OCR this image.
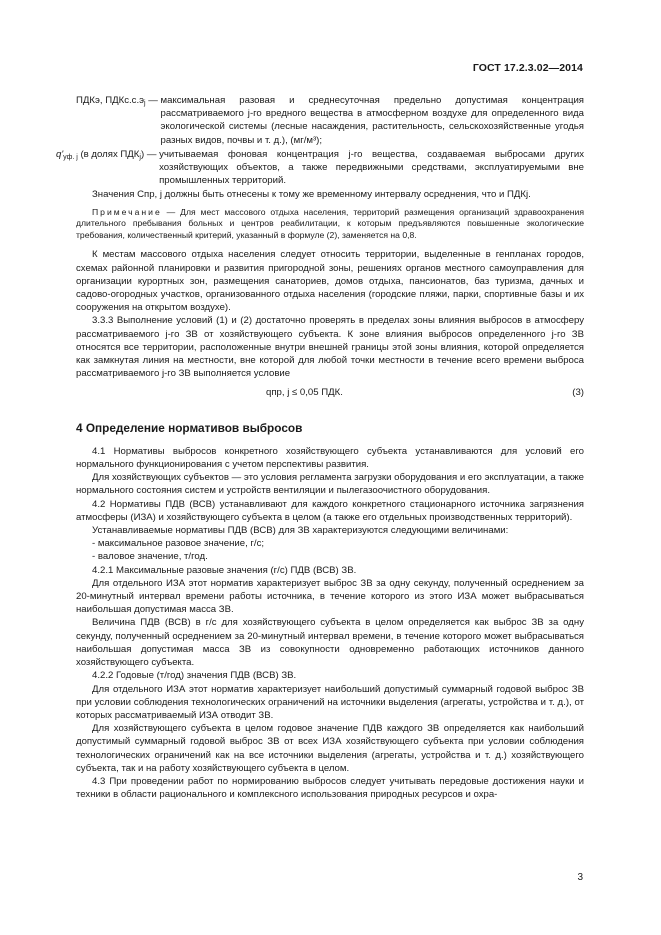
ГОСТ 17.2.3.02—2014
ПДКэ, $ПДКс.с.э_j$ — максимальная разовая и среднесуточная предельно допустимая концентрация рассматриваемого j-го вредного вещества в атмосферном воздухе для определенного вида экологической системы (лесные насаждения, растительность, сельскохозяйственные угодья разных видов, почвы и т. д.), (мг/м³);
$q'_{уф. j}$ (в долях $ПДК_j$) — учитываемая фоновая концентрация j-го вещества, создаваемая выбросами других хозяйствующих объектов, а также передвижными средствами, эксплуатируемыми вне промышленных территорий.

Значения Cпр, j должны быть отнесены к тому же временному интервалу осреднения, что и ПДКj.

Примечание — Для мест массового отдыха населения, территорий размещения организаций здравоохранения длительного пребывания больных и центров реабилитации, к которым предъявляются повышенные экологические требования, количественный критерий, указанный в формуле (2), заменяется на 0,8.

К местам массового отдыха населения следует относить территории, выделенные в генпланах городов, схемах районной планировки и развития пригородной зоны, решениях органов местного самоуправления для организации курортных зон, размещения санаториев, домов отдыха, пансионатов, баз туризма, дачных и садово-огородных участков, организованного отдыха населения (городские пляжи, парки, спортивные базы и их сооружения на открытом воздухе).

3.3.3 Выполнение условий (1) и (2) достаточно проверять в пределах зоны влияния выбросов в атмосферу рассматриваемого j-го ЗВ от хозяйствующего субъекта. К зоне влияния выбросов определенного j-го ЗВ относятся все территории, расположенные внутри внешней границы этой зоны влияния, которой определяется как замкнутая линия на местности, вне которой для любой точки местности в течение всего времени выброса рассматриваемого j-го ЗВ выполняется условие

qпр, j ≤ 0,05 ПДК.	(3)
4 Определение нормативов выбросов

4.1 Нормативы выбросов конкретного хозяйствующего субъекта устанавливаются для условий его нормального функционирования с учетом перспективы развития.

Для хозяйствующих субъектов — это условия регламента загрузки оборудования и его эксплуатации, а также нормального состояния систем и устройств вентиляции и пылегазоочистного оборудования.

4.2 Нормативы ПДВ (ВСВ) устанавливают для каждого конкретного стационарного источника загрязнения атмосферы (ИЗА) и хозяйствующего субъекта в целом (а также его отдельных производственных территорий).

Устанавливаемые нормативы ПДВ (ВСВ) для ЗВ характеризуются следующими величинами:

- максимальное разовое значение, г/с;

- валовое значение, т/год.

4.2.1 Максимальные разовые значения (г/с) ПДВ (ВСВ) ЗВ.

Для отдельного ИЗА этот норматив характеризует выброс ЗВ за одну секунду, полученный осреднением за 20-минутный интервал времени работы источника, в течение которого из этого ИЗА может выбрасываться наибольшая допустимая масса ЗВ.

Величина ПДВ (ВСВ) в г/с для хозяйствующего субъекта в целом определяется как выброс ЗВ за одну секунду, полученный осреднением за 20-минутный интервал времени, в течение которого может выбрасываться наибольшая допустимая масса ЗВ из совокупности одновременно работающих источников данного хозяйствующего субъекта.

4.2.2 Годовые (т/год) значения ПДВ (ВСВ) ЗВ.

Для отдельного ИЗА этот норматив характеризует наибольший допустимый суммарный годовой выброс ЗВ при условии соблюдения технологических ограничений на источники выделения (агрегаты, устройства и т. д.), от которых рассматриваемый ИЗА отводит ЗВ.

Для хозяйствующего субъекта в целом годовое значение ПДВ каждого ЗВ определяется как наибольший допустимый суммарный годовой выброс ЗВ от всех ИЗА хозяйствующего субъекта при условии соблюдения технологических ограничений как на все источники выделения (агрегаты, устройства и т. д.) хозяйствующего субъекта, так и на работу хозяйствующего субъекта в целом.

4.3 При проведении работ по нормированию выбросов следует учитывать передовые достижения науки и техники в области рационального и комплексного использования природных ресурсов и охра-

3
